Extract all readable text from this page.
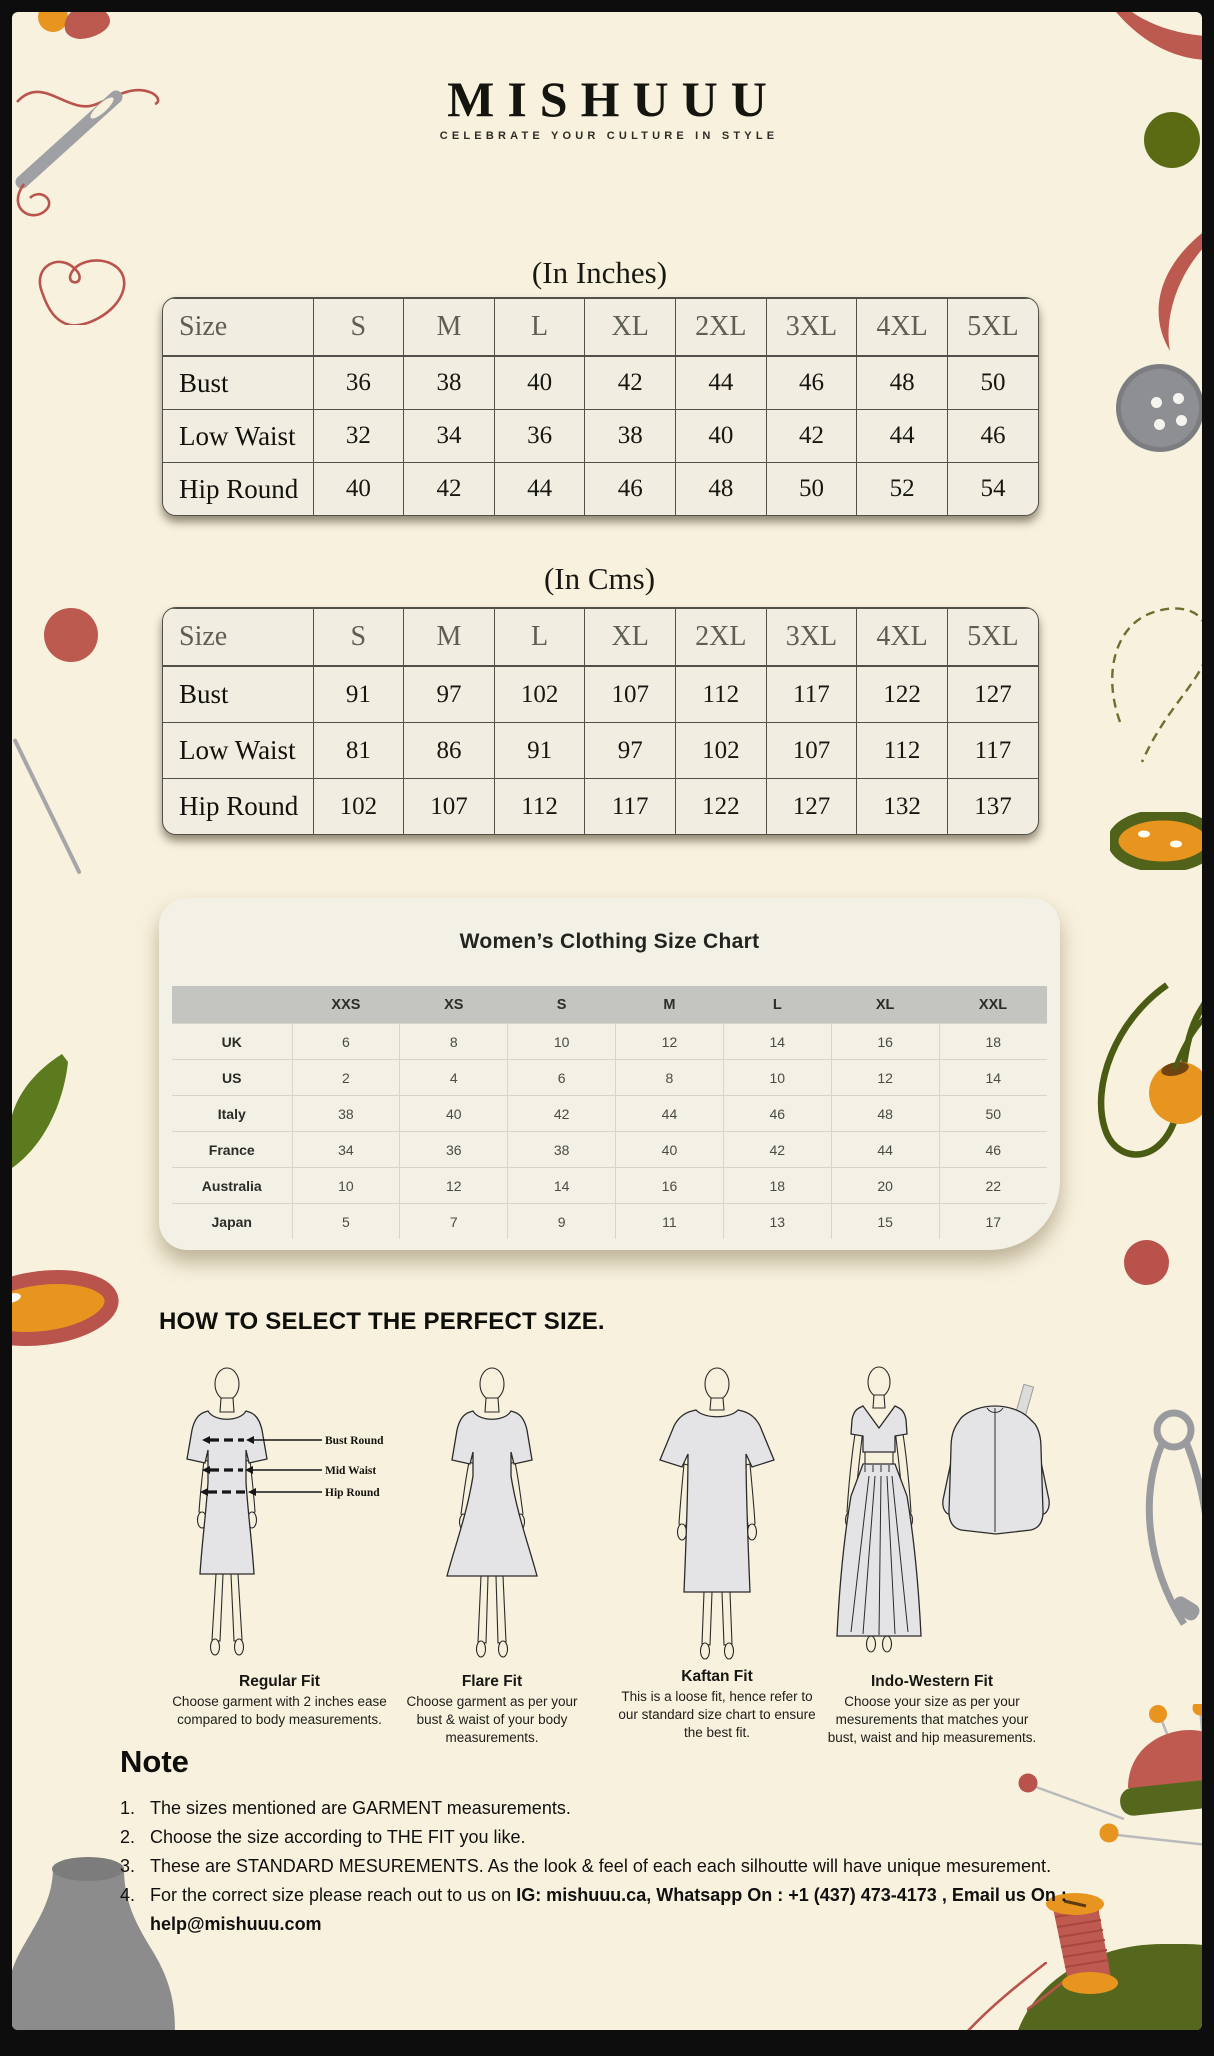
MISHUUU
CELEBRATE YOUR CULTURE IN STYLE
(In Inches)
Size	S	M	L	XL	2XL	3XL	4XL	5XL
Bust	36	38	40	42	44	46	48	50
Low Waist	32	34	36	38	40	42	44	46
Hip Round	40	42	44	46	48	50	52	54
(In Cms)
Size	S	M	L	XL	2XL	3XL	4XL	5XL
Bust	91	97	102	107	112	117	122	127
Low Waist	81	86	91	97	102	107	112	117
Hip Round	102	107	112	117	122	127	132	137
Women’s Clothing Size Chart
	XXS	XS	S	M	L	XL	XXL
UK	6	8	10	12	14	16	18
US	2	4	6	8	10	12	14
Italy	38	40	42	44	46	48	50
France	34	36	38	40	42	44	46
Australia	10	12	14	16	18	20	22
Japan	5	7	9	11	13	15	17
HOW TO SELECT THE PERFECT SIZE.
Bust Round
Mid Waist
Hip Round
Regular Fit
Choose garment with 2 inches ease compared to body measurements.
Flare Fit
Choose garment as per your bust & waist of your body measurements.
Kaftan Fit
This is a loose fit, hence refer to our standard size chart to ensure the best fit.
Indo-Western Fit
Choose your size as per your mesurements that matches your bust, waist and hip measurements.
Note
1. The sizes mentioned are GARMENT measurements.
2. Choose the size according to THE FIT you like.
3. These are STANDARD MESUREMENTS. As the look & feel of each each silhoutte will have unique mesurement.
4. For the correct size please reach out to us on IG: mishuuu.ca, Whatsapp On : +1 (437) 473-4173 , Email us On : help@mishuuu.com
